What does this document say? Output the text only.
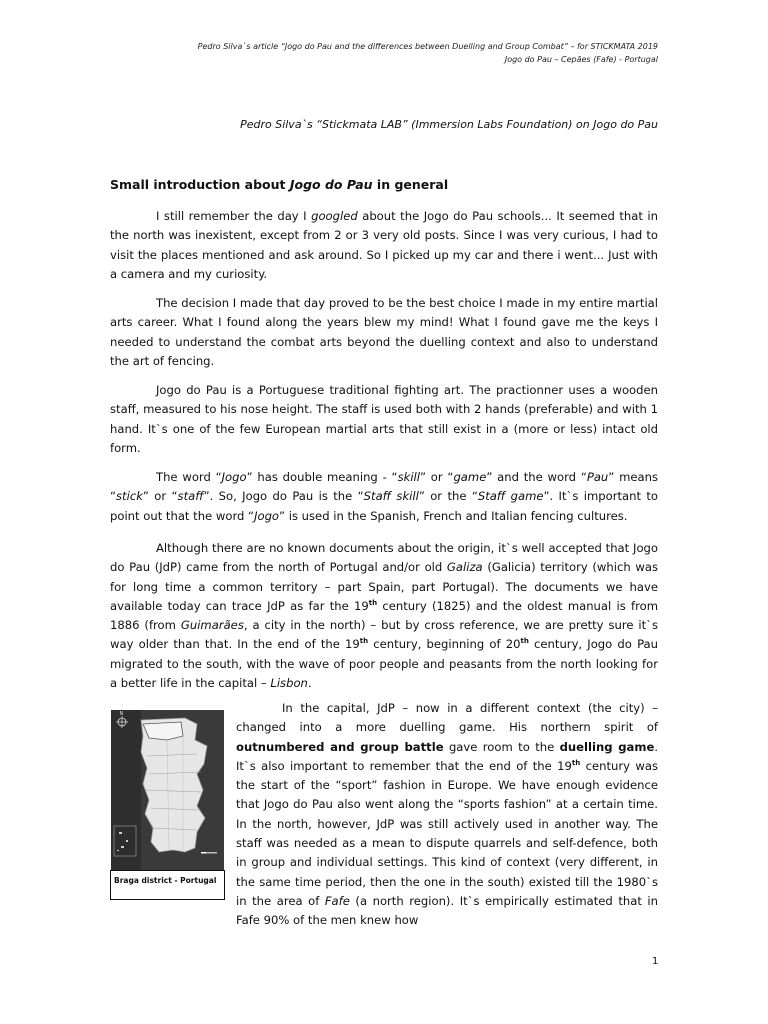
Pedro Silva`s article “Jogo do Pau and the differences between Duelling and Group Combat” – for STICKMATA 2019
Jogo do Pau – Cepães (Fafe) - Portugal
Pedro Silva`s “Stickmata LAB” (Immersion Labs Foundation) on Jogo do Pau
Small introduction about Jogo do Pau in general

I still remember the day I googled about the Jogo do Pau schools... It seemed that in the north was inexistent, except from 2 or 3 very old posts. Since I was very curious, I had to visit the places mentioned and ask around. So I picked up my car and there i went... Just with a camera and my curiosity.

The decision I made that day proved to be the best choice I made in my entire martial arts career. What I found along the years blew my mind! What I found gave me the keys I needed to understand the combat arts beyond the duelling context and also to understand the art of fencing.

Jogo do Pau is a Portuguese traditional fighting art. The practionner uses a wooden staff, measured to his nose height. The staff is used both with 2 hands (preferable) and with 1 hand. It`s one of the few European martial arts that still exist in a (more or less) intact old form.

The word “Jogo” has double meaning - “skill” or “game” and the word “Pau” means “stick” or “staff”. So, Jogo do Pau is the “Staff skill” or the “Staff game”. It`s important to point out that the word “Jogo” is used in the Spanish, French and Italian fencing cultures.

Although there are no known documents about the origin, it`s well accepted that Jogo do Pau (JdP) came from the north of Portugal and/or old Galiza (Galicia) territory (which was for long time a common territory – part Spain, part Portugal). The documents we have available today can trace JdP as far the 19th century (1825) and the oldest manual is from 1886 (from Guimarães, a city in the north) – but by cross reference, we are pretty sure it`s way older than that. In the end of the 19th century, beginning of 20th century, Jogo do Pau migrated to the south, with the wave of poor people and peasants from the north looking for a better life in the capital – Lisbon.

N
Braga district - Portugal

In the capital, JdP – now in a different context (the city) – changed into a more duelling game. His northern spirit of outnumbered and group battle gave room to the duelling game. It`s also important to remember that the end of the 19th century was the start of the “sport” fashion in Europe. We have enough evidence that Jogo do Pau also went along the “sports fashion” at a certain time. In the north, however, JdP was still actively used in another way. The staff was needed as a mean to dispute quarrels and self-defence, both in group and individual settings. This kind of context (very different, in the same time period, then the one in the south) existed till the 1980`s in the area of Fafe (a north region). It`s empirically estimated that in Fafe 90% of the men knew how

1
